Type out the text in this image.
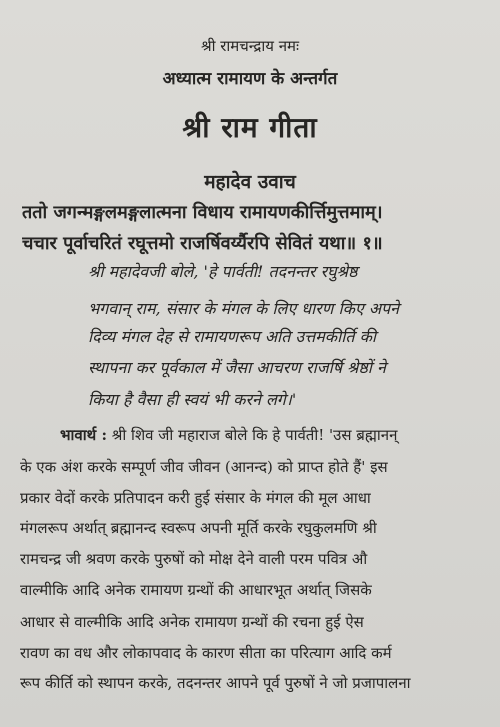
श्री रामचन्द्राय नमः
अध्यात्म रामायण के अन्तर्गत
श्री राम गीता
महादेव उवाच
ततो जगन्मङ्गलमङ्गलात्मना विधाय रामायणकीर्त्तिमुत्तमाम्।
चचार पूर्वाचरितं रघूत्तमो राजर्षिवर्य्यैरपि सेवितं यथा॥ १॥
श्री महादेवजी बोले, 'हे पार्वती! तदनन्तर रघुश्रेष्ठ
भगवान् राम, संसार के मंगल के लिए धारण किए अपने
दिव्य मंगल देह से रामायणरूप अति उत्तमकीर्ति की
स्थापना कर पूर्वकाल में जैसा आचरण राजर्षि श्रेष्ठों ने
किया है वैसा ही स्वयं भी करने लगे।'
भावार्थ : श्री शिव जी महाराज बोले कि हे पार्वती! 'उस ब्रह्मानन्
के एक अंश करके सम्पूर्ण जीव जीवन (आनन्द) को प्राप्त होते हैं' इस
प्रकार वेदों करके प्रतिपादन करी हुई संसार के मंगल की मूल आधा
मंगलरूप अर्थात् ब्रह्मानन्द स्वरूप अपनी मूर्ति करके रघुकुलमणि श्री
रामचन्द्र जी श्रवण करके पुरुषों को मोक्ष देने वाली परम पवित्र औ
वाल्मीकि आदि अनेक रामायण ग्रन्थों की आधारभूत अर्थात् जिसके
आधार से वाल्मीकि आदि अनेक रामायण ग्रन्थों की रचना हुई ऐस
रावण का वध और लोकापवाद के कारण सीता का परित्याग आदि कर्म
रूप कीर्ति को स्थापन करके, तदनन्तर आपने पूर्व पुरुषों ने जो प्रजापालना
